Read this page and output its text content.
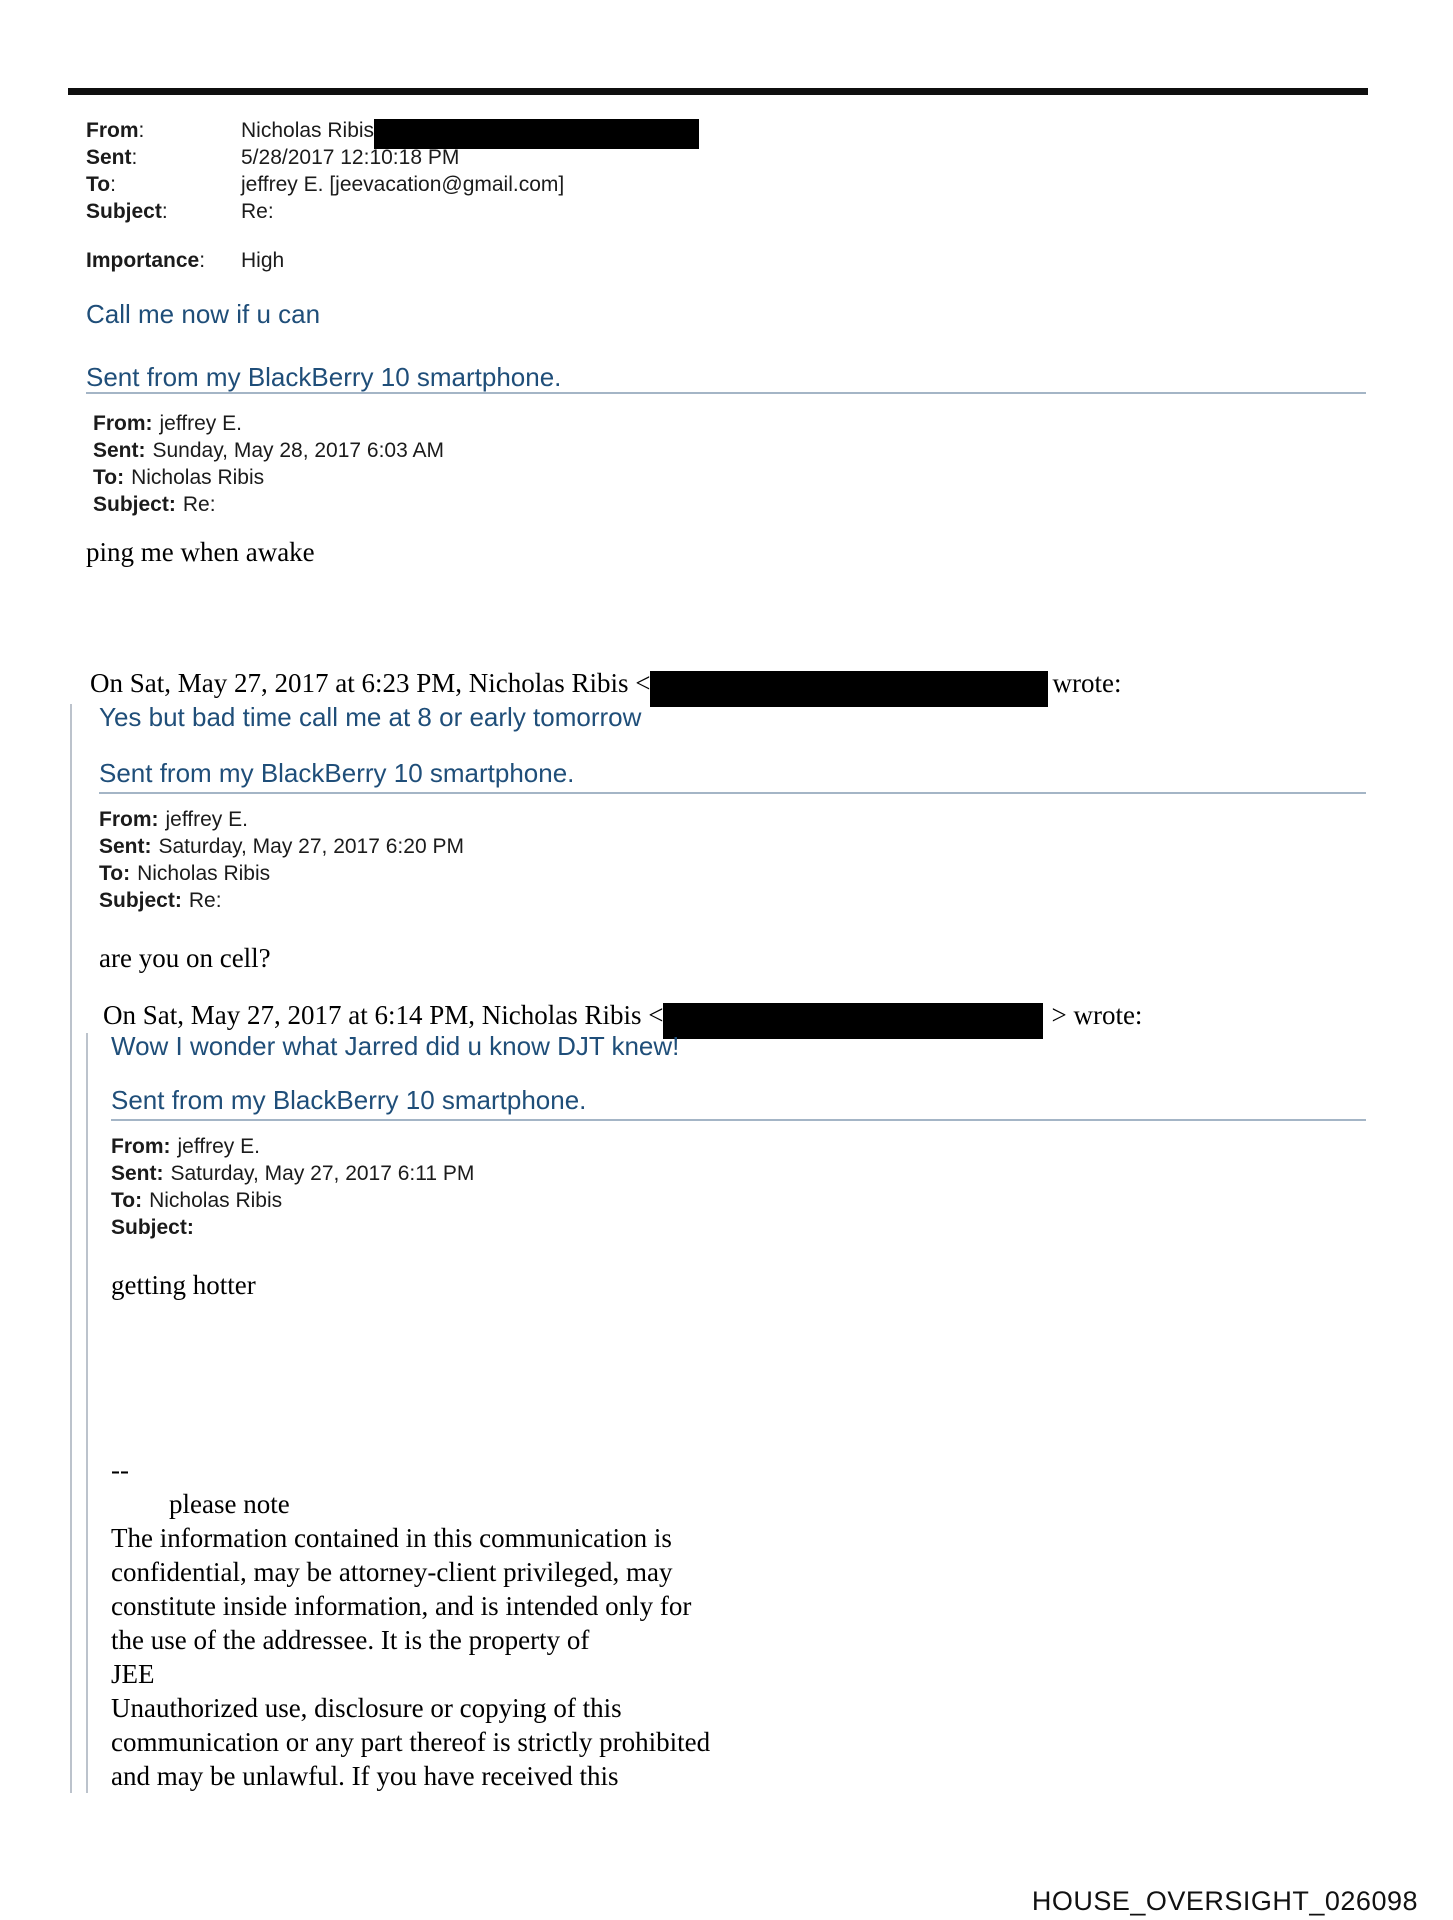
From:	Nicholas Ribis
Sent:	5/28/2017 12:10:18 PM
To:	jeffrey E. [jeevacation@gmail.com]
Subject:	Re:
Importance:	High
Call me now if u can
Sent from my BlackBerry 10 smartphone.
From: jeffrey E.
Sent: Sunday, May 28, 2017 6:03 AM
To: Nicholas Ribis
Subject: Re:
ping me when awake
On Sat, May 27, 2017 at 6:23 PM, Nicholas Ribis <	wrote:
Yes but bad time call me at 8 or early tomorrow
Sent from my BlackBerry 10 smartphone.
From: jeffrey E.
Sent: Saturday, May 27, 2017 6:20 PM
To: Nicholas Ribis
Subject: Re:
are you on cell?
On Sat, May 27, 2017 at 6:14 PM, Nicholas Ribis <	> wrote:
Wow I wonder what Jarred did u know DJT knew!
Sent from my BlackBerry 10 smartphone.
From: jeffrey E.
Sent: Saturday, May 27, 2017 6:11 PM
To: Nicholas Ribis
Subject:
getting hotter
--
please note
The information contained in this communication is
confidential, may be attorney-client privileged, may
constitute inside information, and is intended only for
the use of the addressee. It is the property of
JEE
Unauthorized use, disclosure or copying of this
communication or any part thereof is strictly prohibited
and may be unlawful. If you have received this
HOUSE_OVERSIGHT_026098
